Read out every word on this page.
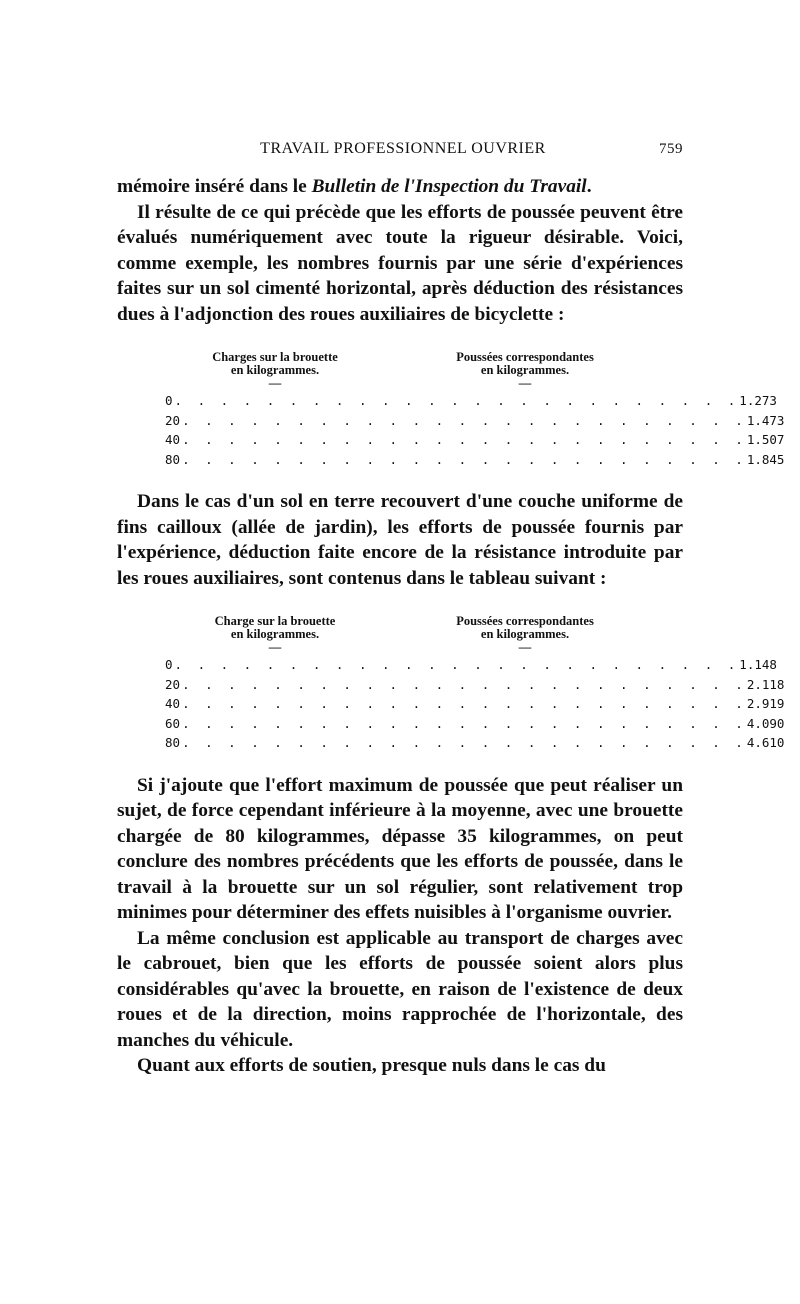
TRAVAIL PROFESSIONNEL OUVRIER	759

mémoire inséré dans le Bulletin de l'Inspection du Travail.

Il résulte de ce qui précède que les efforts de poussée peuvent être évalués numériquement avec toute la rigueur désirable. Voici, comme exemple, les nombres fournis par une série d'expériences faites sur un sol cimenté horizontal, après déduction des résistances dues à l'adjonction des roues auxiliaires de bicyclette :

Charges sur la brouette
en kilogrammes.
Poussées correspondantes
en kilogrammes.
—	—
0 . . . . . . . . . . . . . . . . . . . . . . . . . 1.273
20 . . . . . . . . . . . . . . . . . . . . . . . . . 1.473
40 . . . . . . . . . . . . . . . . . . . . . . . . . 1.507
80 . . . . . . . . . . . . . . . . . . . . . . . . . 1.845

Dans le cas d'un sol en terre recouvert d'une couche uniforme de fins cailloux (allée de jardin), les efforts de poussée fournis par l'expérience, déduction faite encore de la résistance introduite par les roues auxiliaires, sont contenus dans le tableau suivant :

Charge sur la brouette
en kilogrammes.
Poussées correspondantes
en kilogrammes.
—	—
0 . . . . . . . . . . . . . . . . . . . . . . . . . 1.148
20 . . . . . . . . . . . . . . . . . . . . . . . . . 2.118
40 . . . . . . . . . . . . . . . . . . . . . . . . . 2.919
60 . . . . . . . . . . . . . . . . . . . . . . . . . 4.090
80 . . . . . . . . . . . . . . . . . . . . . . . . . 4.610

Si j'ajoute que l'effort maximum de poussée que peut réaliser un sujet, de force cependant inférieure à la moyenne, avec une brouette chargée de 80 kilogrammes, dépasse 35 kilogrammes, on peut conclure des nombres précédents que les efforts de poussée, dans le travail à la brouette sur un sol régulier, sont relativement trop minimes pour déterminer des effets nuisibles à l'organisme ouvrier.

La même conclusion est applicable au transport de charges avec le cabrouet, bien que les efforts de poussée soient alors plus considérables qu'avec la brouette, en raison de l'existence de deux roues et de la direction, moins rapprochée de l'horizontale, des manches du véhicule.

Quant aux efforts de soutien, presque nuls dans le cas du
